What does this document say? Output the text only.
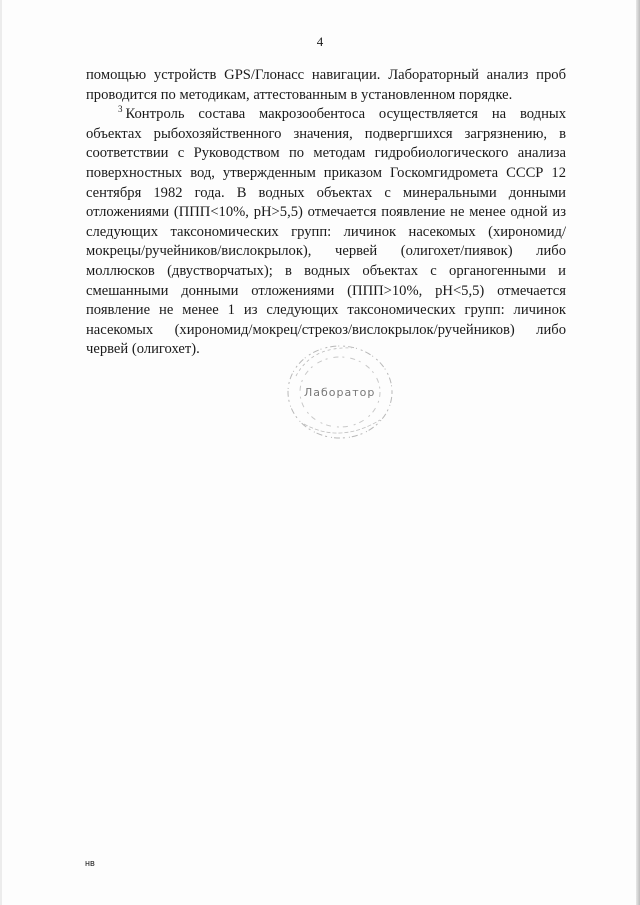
4

помощью устройств GPS/Глонасс навигации. Лабораторный анализ проб проводится по методикам, аттестованным в установленном порядке.

$^3$ Контроль состава макрозообентоса осуществляется на водных объектах рыбохозяйственного значения, подвергшихся загрязнению, в соответствии с Руководством по методам гидробиологического анализа поверхностных вод, утвержденным приказом Госкомгидромета СССР 12 сентября 1982 года. В водных объектах с минеральными донными отложениями (ППП<10%, pH>5,5) отмечается появление не менее одной из следующих таксономических групп: личинок насекомых (хирономид/мокрецы/ручейников/вислокрылок), червей (олигохет/пиявок) либо моллюсков (двустворчатых); в водных объектах с органогенными и смешанными донными отложениями (ППП>10%, pH<5,5) отмечается появление не менее 1 из следующих таксономических групп: личинок насекомых (хирономид/мокрец/стрекоз/вислокрылок/ручейников) либо червей (олигохет).

Лаборатор
нв
